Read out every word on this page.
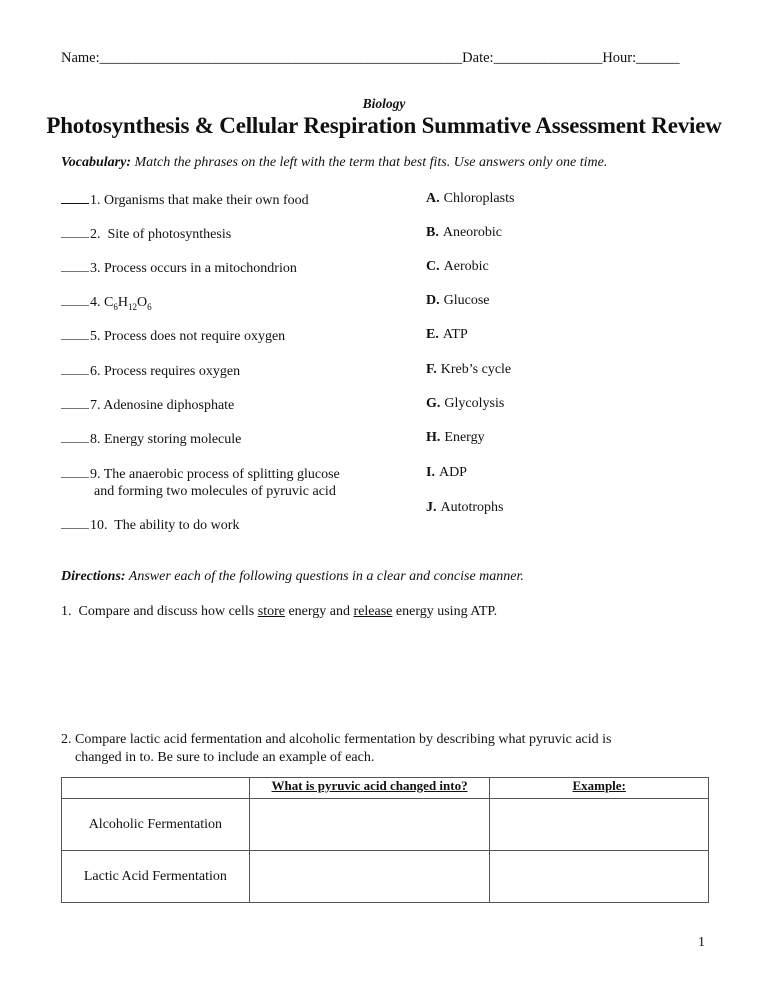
Name:__________________________________________________Date:_______________Hour:______
Biology
Photosynthesis & Cellular Respiration Summative Assessment Review
Vocabulary: Match the phrases on the left with the term that best fits. Use answers only one time.
1. Organisms that make their own food
2.  Site of photosynthesis
3. Process occurs in a mitochondrion
4. $C_6H_{12}O_6$
5. Process does not require oxygen
6. Process requires oxygen
7. Adenosine diphosphate
8. Energy storing molecule
9. The anaerobic process of splitting glucose
and forming two molecules of pyruvic acid
10.  The ability to do work
A. Chloroplasts
B. Aneorobic
C. Aerobic
D. Glucose
E. ATP
F. Kreb’s cycle
G. Glycolysis
H. Energy
I. ADP
J. Autotrophs
Directions: Answer each of the following questions in a clear and concise manner.
1.  Compare and discuss how cells store energy and release energy using ATP.
2. Compare lactic acid fermentation and alcoholic fermentation by describing what pyruvic acid is
changed in to. Be sure to include an example of each.
	What is pyruvic acid changed into?	Example:
Alcoholic Fermentation		
Lactic Acid Fermentation		
1
